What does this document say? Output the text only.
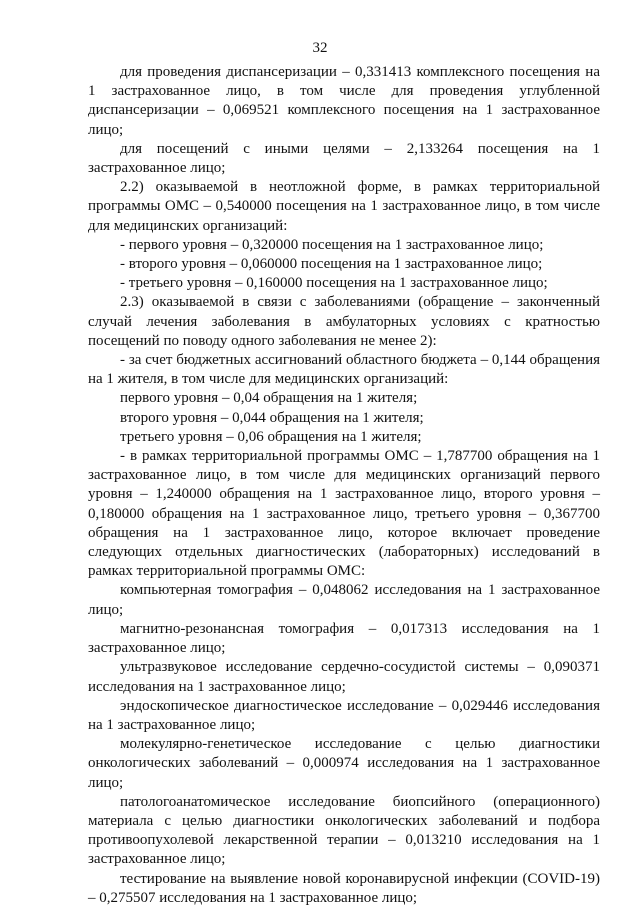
32

для проведения диспансеризации – 0,331413 комплексного посещения на 1 застрахованное лицо, в том числе для проведения углубленной диспансеризации – 0,069521 комплексного посещения на 1 застрахованное лицо;

для посещений с иными целями – 2,133264 посещения на 1 застрахованное лицо;

2.2) оказываемой в неотложной форме, в рамках территориальной программы ОМС – 0,540000 посещения на 1 застрахованное лицо, в том числе для медицинских организаций:

- первого уровня – 0,320000 посещения на 1 застрахованное лицо;

- второго уровня – 0,060000 посещения на 1 застрахованное лицо;

- третьего уровня – 0,160000 посещения на 1 застрахованное лицо;

2.3) оказываемой в связи с заболеваниями (обращение – законченный случай лечения заболевания в амбулаторных условиях с кратностью посещений по поводу одного заболевания не менее 2):

- за счет бюджетных ассигнований областного бюджета – 0,144 обращения на 1 жителя, в том числе для медицинских организаций:

первого уровня – 0,04 обращения на 1 жителя;

второго уровня – 0,044 обращения на 1 жителя;

третьего уровня – 0,06 обращения на 1 жителя;

- в рамках территориальной программы ОМС – 1,787700 обращения на 1 застрахованное лицо, в том числе для медицинских организаций первого уровня – 1,240000 обращения на 1 застрахованное лицо, второго уровня – 0,180000 обращения на 1 застрахованное лицо, третьего уровня – 0,367700 обращения на 1 застрахованное лицо, которое включает проведение следующих отдельных диагностических (лабораторных) исследований в рамках территориальной программы ОМС:

компьютерная томография – 0,048062 исследования на 1 застрахованное лицо;

магнитно-резонансная томография – 0,017313 исследования на 1 застрахованное лицо;

ультразвуковое исследование сердечно-сосудистой системы – 0,090371 исследования на 1 застрахованное лицо;

эндоскопическое диагностическое исследование – 0,029446 исследования на 1 застрахованное лицо;

молекулярно-генетическое исследование с целью диагностики онкологических заболеваний – 0,000974 исследования на 1 застрахованное лицо;

патологоанатомическое исследование биопсийного (операционного) материала с целью диагностики онкологических заболеваний и подбора противоопухолевой лекарственной терапии – 0,013210 исследования на 1 застрахованное лицо;

тестирование на выявление новой коронавирусной инфекции (COVID-19) – 0,275507 исследования на 1 застрахованное лицо;
